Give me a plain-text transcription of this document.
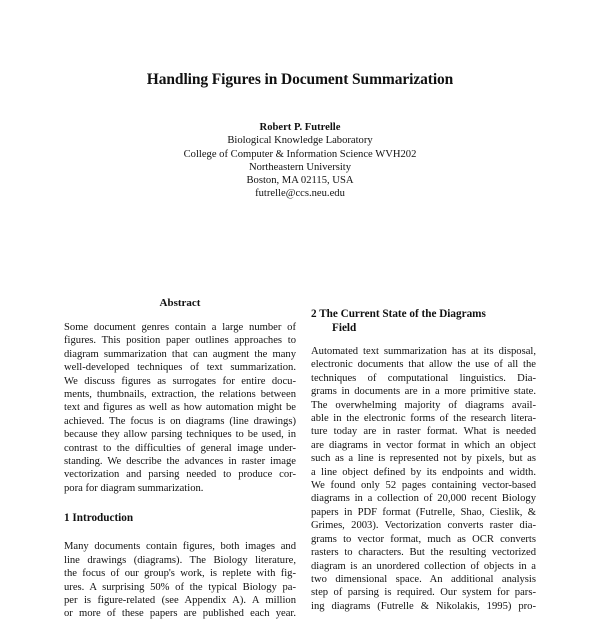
Handling Figures in Document Summarization
Robert P. Futrelle
Biological Knowledge Laboratory
College of Computer & Information Science WVH202
Northeastern University
Boston, MA 02115, USA
futrelle@ccs.neu.edu
Abstract
Some document genres contain a large number of
figures. This position paper outlines approaches to
diagram summarization that can augment the many
well-developed techniques of text summarization.
We discuss figures as surrogates for entire docu-
ments, thumbnails, extraction, the relations between
text and figures as well as how automation might be
achieved. The focus is on diagrams (line drawings)
because they allow parsing techniques to be used, in
contrast to the difficulties of general image under-
standing. We describe the advances in raster image
vectorization and parsing needed to produce cor-
pora for diagram summarization.
1 Introduction
Many documents contain figures, both images and
line drawings (diagrams). The Biology literature,
the focus of our group's work, is replete with fig-
ures. A surprising 50% of the typical Biology pa-
per is figure-related (see Appendix A). A million
or more of these papers are published each year.
2 The Current State of the Diagrams
Field
Automated text summarization has at its disposal,
electronic documents that allow the use of all the
techniques of computational linguistics. Dia-
grams in documents are in a more primitive state.
The overwhelming majority of diagrams avail-
able in the electronic forms of the research litera-
ture today are in raster format. What is needed
are diagrams in vector format in which an object
such as a line is represented not by pixels, but as
a line object defined by its endpoints and width.
We found only 52 pages containing vector-based
diagrams in a collection of 20,000 recent Biology
papers in PDF format (Futrelle, Shao, Cieslik, &
Grimes, 2003). Vectorization converts raster dia-
grams to vector format, much as OCR converts
rasters to characters. But the resulting vectorized
diagram is an unordered collection of objects in a
two dimensional space. An additional analysis
step of parsing is required. Our system for pars-
ing diagrams (Futrelle & Nikolakis, 1995) pro-
